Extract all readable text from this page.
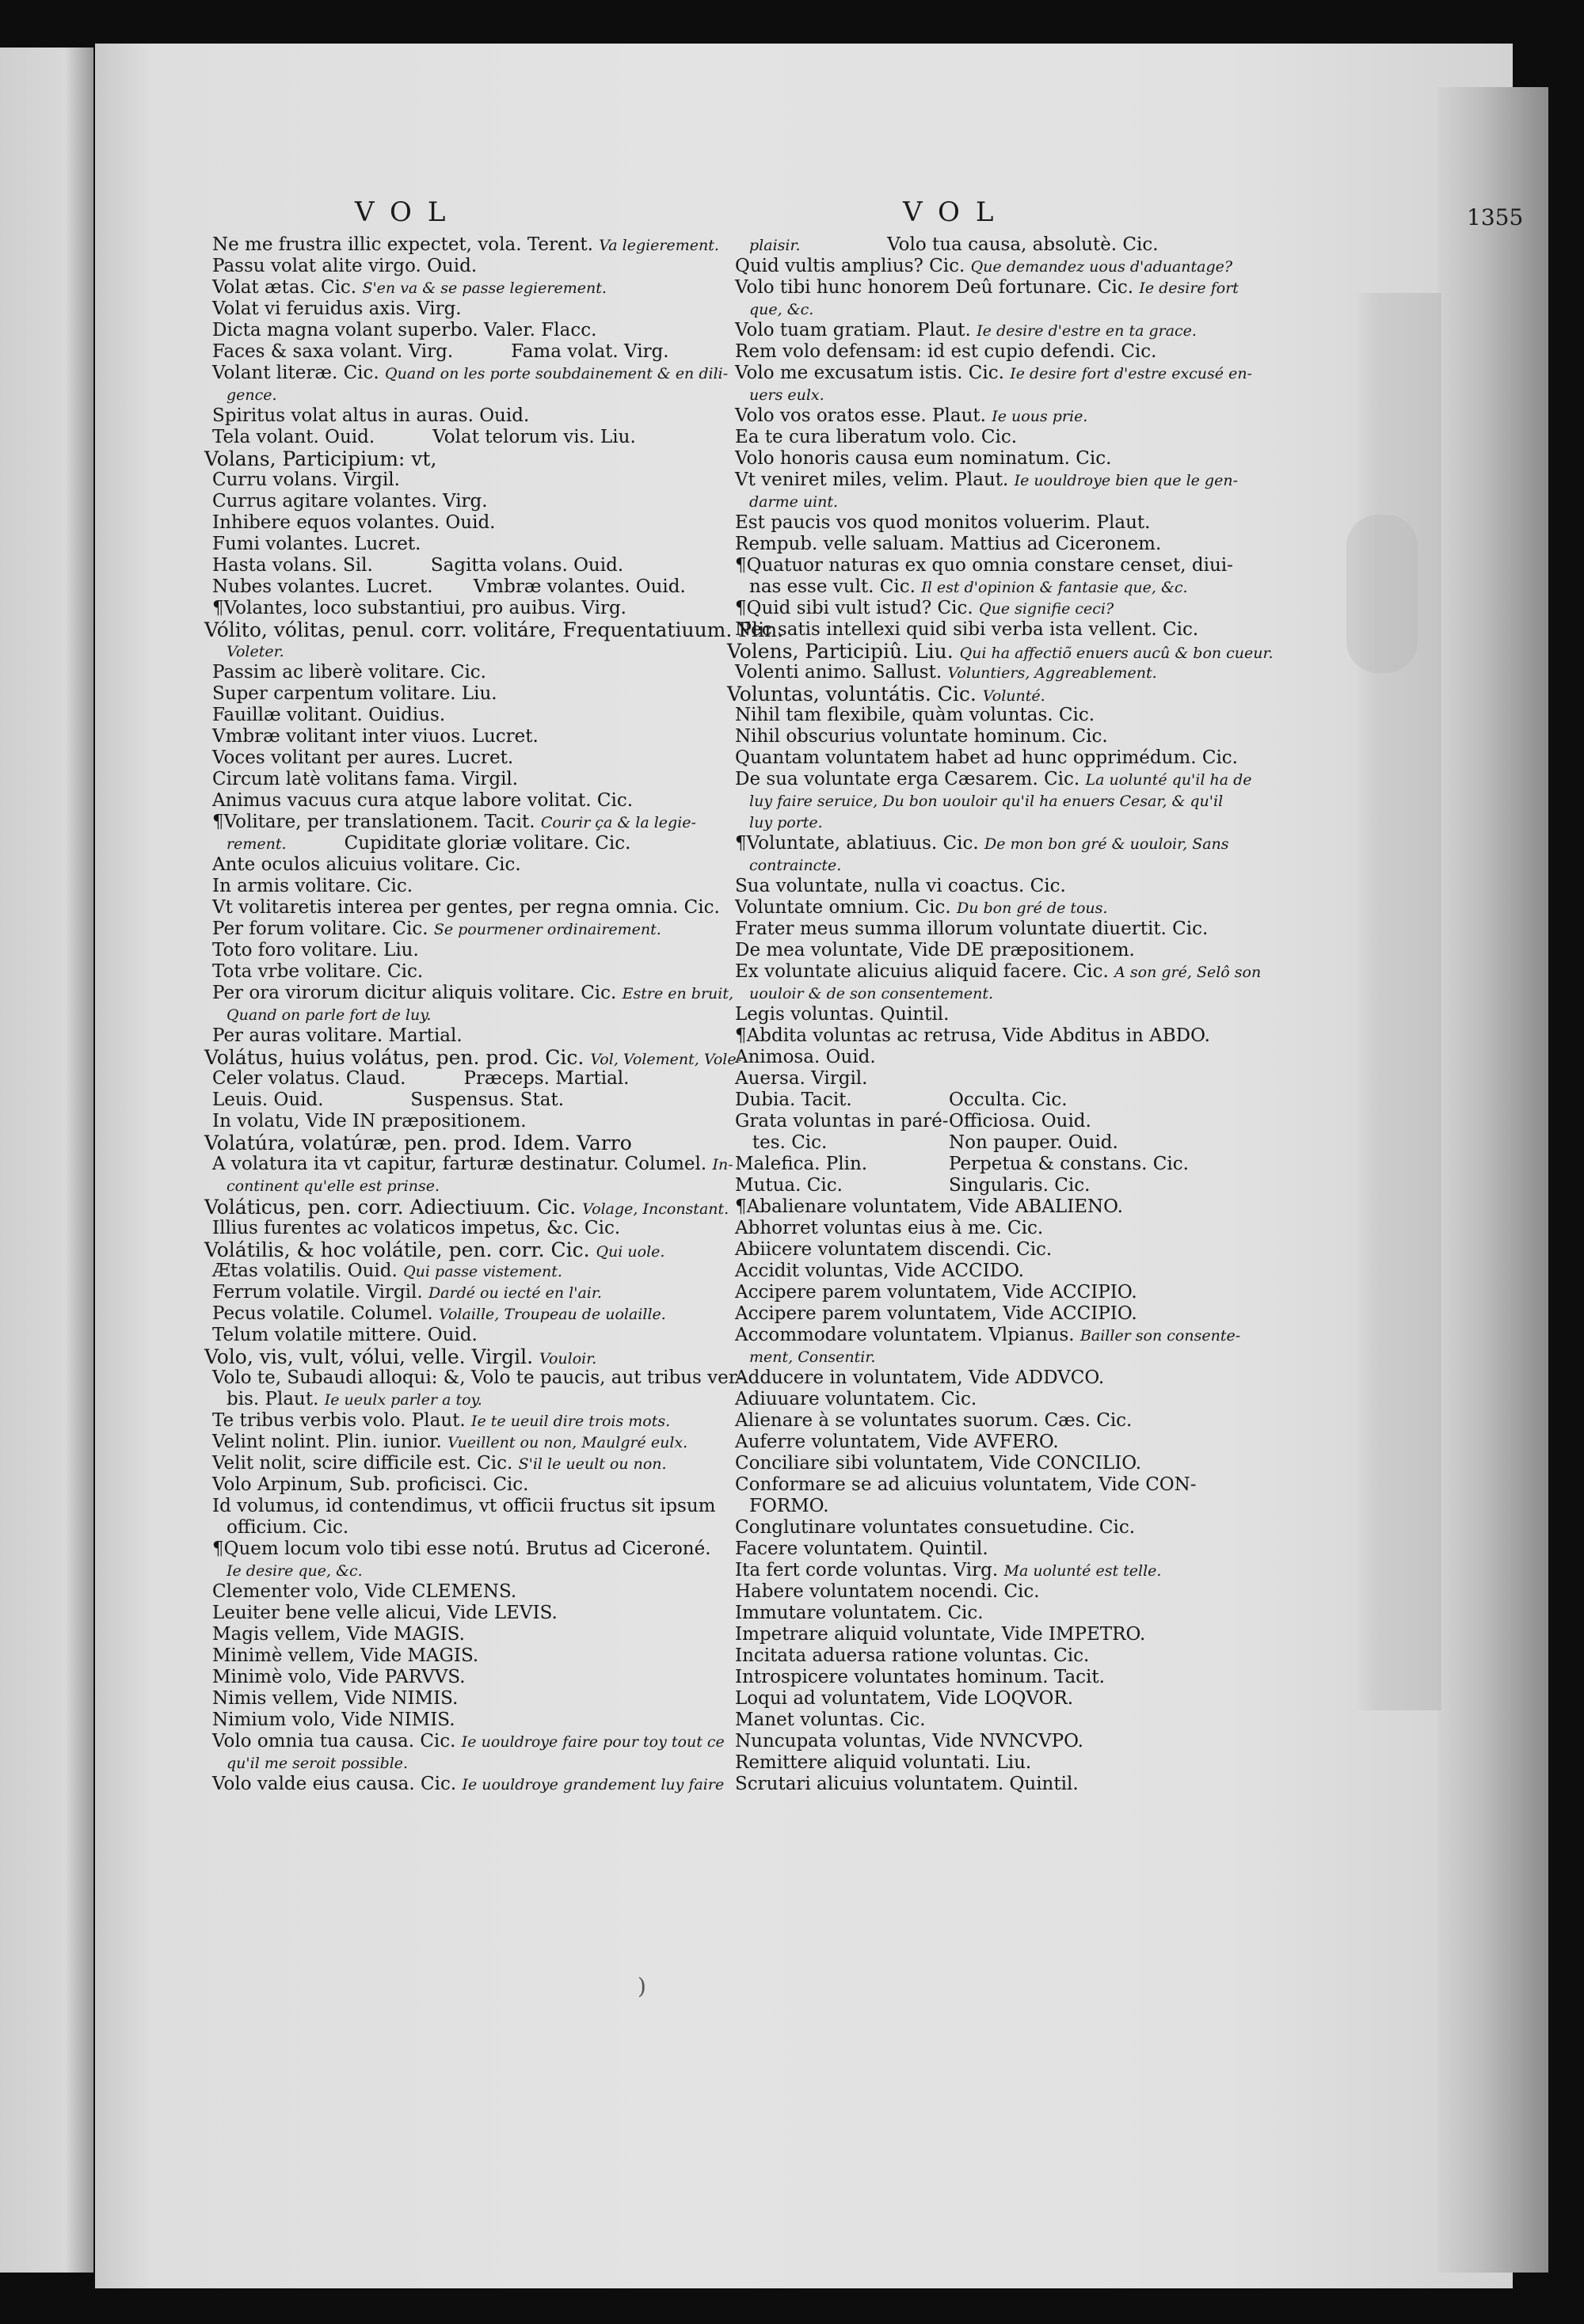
VOL	VOL	1355
Ne me frustra illic expectet, vola. Terent. Va legierement.
Passu volat alite virgo. Ouid.
Volat ætas. Cic. S'en va & se passe legierement.
Volat vi feruidus axis. Virg.
Dicta magna volant superbo. Valer. Flacc.
Faces & saxa volant. Virg.          Fama volat. Virg.
Volant literæ. Cic. Quand on les porte soubdainement & en dili-
gence.
Spiritus volat altus in auras. Ouid.
Tela volant. Ouid.          Volat telorum vis. Liu.
Volans, Participium: vt,
Curru volans. Virgil.
Currus agitare volantes. Virg.
Inhibere equos volantes. Ouid.
Fumi volantes. Lucret.
Hasta volans. Sil.          Sagitta volans. Ouid.
Nubes volantes. Lucret.       Vmbræ volantes. Ouid.
¶Volantes, loco substantiui, pro auibus. Virg.
Vólito, vólitas, penul. corr. volitáre, Frequentatiuum. Plin.
Voleter.
Passim ac liberè volitare. Cic.
Super carpentum volitare. Liu.
Fauillæ volitant. Ouidius.
Vmbræ volitant inter viuos. Lucret.
Voces volitant per aures. Lucret.
Circum latè volitans fama. Virgil.
Animus vacuus cura atque labore volitat. Cic.
¶Volitare, per translationem. Tacit. Courir ça & la legie-
rement.          Cupiditate gloriæ volitare. Cic.
Ante oculos alicuius volitare. Cic.
In armis volitare. Cic.
Vt volitaretis interea per gentes, per regna omnia. Cic.
Per forum volitare. Cic. Se pourmener ordinairement.
Toto foro volitare. Liu.
Tota vrbe volitare. Cic.
Per ora virorum dicitur aliquis volitare. Cic. Estre en bruit,
Quand on parle fort de luy.
Per auras volitare. Martial.
Volátus, huius volátus, pen. prod. Cic. Vol, Volement, Vole-
Celer volatus. Claud.          Præceps. Martial.
Leuis. Ouid.               Suspensus. Stat.
In volatu, Vide IN præpositionem.
Volatúra, volatúræ, pen. prod. Idem. Varro
A volatura ita vt capitur, farturæ destinatur. Columel. In-
continent qu'elle est prinse.
Voláticus, pen. corr. Adiectiuum. Cic. Volage, Inconstant.
Illius furentes ac volaticos impetus, &c. Cic.
Volátilis, & hoc volátile, pen. corr. Cic. Qui uole.
Ætas volatilis. Ouid. Qui passe vistement.
Ferrum volatile. Virgil. Dardé ou iecté en l'air.
Pecus volatile. Columel. Volaille, Troupeau de uolaille.
Telum volatile mittere. Ouid.
Volo, vis, vult, vólui, velle. Virgil. Vouloir.
Volo te, Subaudi alloqui: &, Volo te paucis, aut tribus ver-
bis. Plaut. Ie ueulx parler a toy.
Te tribus verbis volo. Plaut. Ie te ueuil dire trois mots.
Velint nolint. Plin. iunior. Vueillent ou non, Maulgré eulx.
Velit nolit, scire difficile est. Cic. S'il le ueult ou non.
Volo Arpinum, Sub. proficisci. Cic.
Id volumus, id contendimus, vt officii fructus sit ipsum
officium. Cic.
¶Quem locum volo tibi esse notú. Brutus ad Ciceroné.
Ie desire que, &c.
Clementer volo, Vide CLEMENS.
Leuiter bene velle alicui, Vide LEVIS.
Magis vellem, Vide MAGIS.
Minimè vellem, Vide MAGIS.
Minimè volo, Vide PARVVS.
Nimis vellem, Vide NIMIS.
Nimium volo, Vide NIMIS.
Volo omnia tua causa. Cic. Ie uouldroye faire pour toy tout ce
qu'il me seroit possible.
Volo valde eius causa. Cic. Ie uouldroye grandement luy faire
plaisir.               Volo tua causa, absolutè. Cic.
Quid vultis amplius? Cic. Que demandez uous d'aduantage?
Volo tibi hunc honorem Deû fortunare. Cic. Ie desire fort
que, &c.
Volo tuam gratiam. Plaut. Ie desire d'estre en ta grace.
Rem volo defensam: id est cupio defendi. Cic.
Volo me excusatum istis. Cic. Ie desire fort d'estre excusé en-
uers eulx.
Volo vos oratos esse. Plaut. Ie uous prie.
Ea te cura liberatum volo. Cic.
Volo honoris causa eum nominatum. Cic.
Vt veniret miles, velim. Plaut. Ie uouldroye bien que le gen-
darme uint.
Est paucis vos quod monitos voluerim. Plaut.
Rempub. velle saluam. Mattius ad Ciceronem.
¶Quatuor naturas ex quo omnia constare censet, diui-
nas esse vult. Cic. Il est d'opinion & fantasie que, &c.
¶Quid sibi vult istud? Cic. Que signifie ceci?
Nec satis intellexi quid sibi verba ista vellent. Cic.
Volens, Participiû. Liu. Qui ha affectiõ enuers aucû & bon cueur.
Volenti animo. Sallust. Voluntiers, Aggreablement.
Voluntas, voluntátis. Cic. Volunté.
Nihil tam flexibile, quàm voluntas. Cic.
Nihil obscurius voluntate hominum. Cic.
Quantam voluntatem habet ad hunc opprimédum. Cic.
De sua voluntate erga Cæsarem. Cic. La uolunté qu'il ha de
luy faire seruice, Du bon uouloir qu'il ha enuers Cesar, & qu'il
luy porte.
¶Voluntate, ablatiuus. Cic. De mon bon gré & uouloir, Sans
contraincte.
Sua voluntate, nulla vi coactus. Cic.
Voluntate omnium. Cic. Du bon gré de tous.
Frater meus summa illorum voluntate diuertit. Cic.
De mea voluntate, Vide DE præpositionem.
Ex voluntate alicuius aliquid facere. Cic. A son gré, Selô son
uouloir & de son consentement.
Legis voluntas. Quintil.
¶Abdita voluntas ac retrusa, Vide Abditus in ABDO.
Animosa. Ouid.
Auersa. Virgil.
Dubia. Tacit.	Occulta. Cic.
Grata voluntas in paré- Officiosa. Ouid.
tes. Cic.	Non pauper. Ouid.
Malefica. Plin.	Perpetua & constans. Cic.
Mutua. Cic.	Singularis. Cic.
¶Abalienare voluntatem, Vide ABALIENO.
Abhorret voluntas eius à me. Cic.
Abiicere voluntatem discendi. Cic.
Accidit voluntas, Vide ACCIDO.
Accipere parem voluntatem, Vide ACCIPIO.
Accipere parem voluntatem, Vide ACCIPIO.
Accommodare voluntatem. Vlpianus. Bailler son consente-
ment, Consentir.
Adducere in voluntatem, Vide ADDVCO.
Adiuuare voluntatem. Cic.
Alienare à se voluntates suorum. Cæs. Cic.
Auferre voluntatem, Vide AVFERO.
Conciliare sibi voluntatem, Vide CONCILIO.
Conformare se ad alicuius voluntatem, Vide CON-
FORMO.
Conglutinare voluntates consuetudine. Cic.
Facere voluntatem. Quintil.
Ita fert corde voluntas. Virg. Ma uolunté est telle.
Habere voluntatem nocendi. Cic.
Immutare voluntatem. Cic.
Impetrare aliquid voluntate, Vide IMPETRO.
Incitata aduersa ratione voluntas. Cic.
Introspicere voluntates hominum. Tacit.
Loqui ad voluntatem, Vide LOQVOR.
Manet voluntas. Cic.
Nuncupata voluntas, Vide NVNCVPO.
Remittere aliquid voluntati. Liu.
Scrutari alicuius voluntatem. Quintil.
)
